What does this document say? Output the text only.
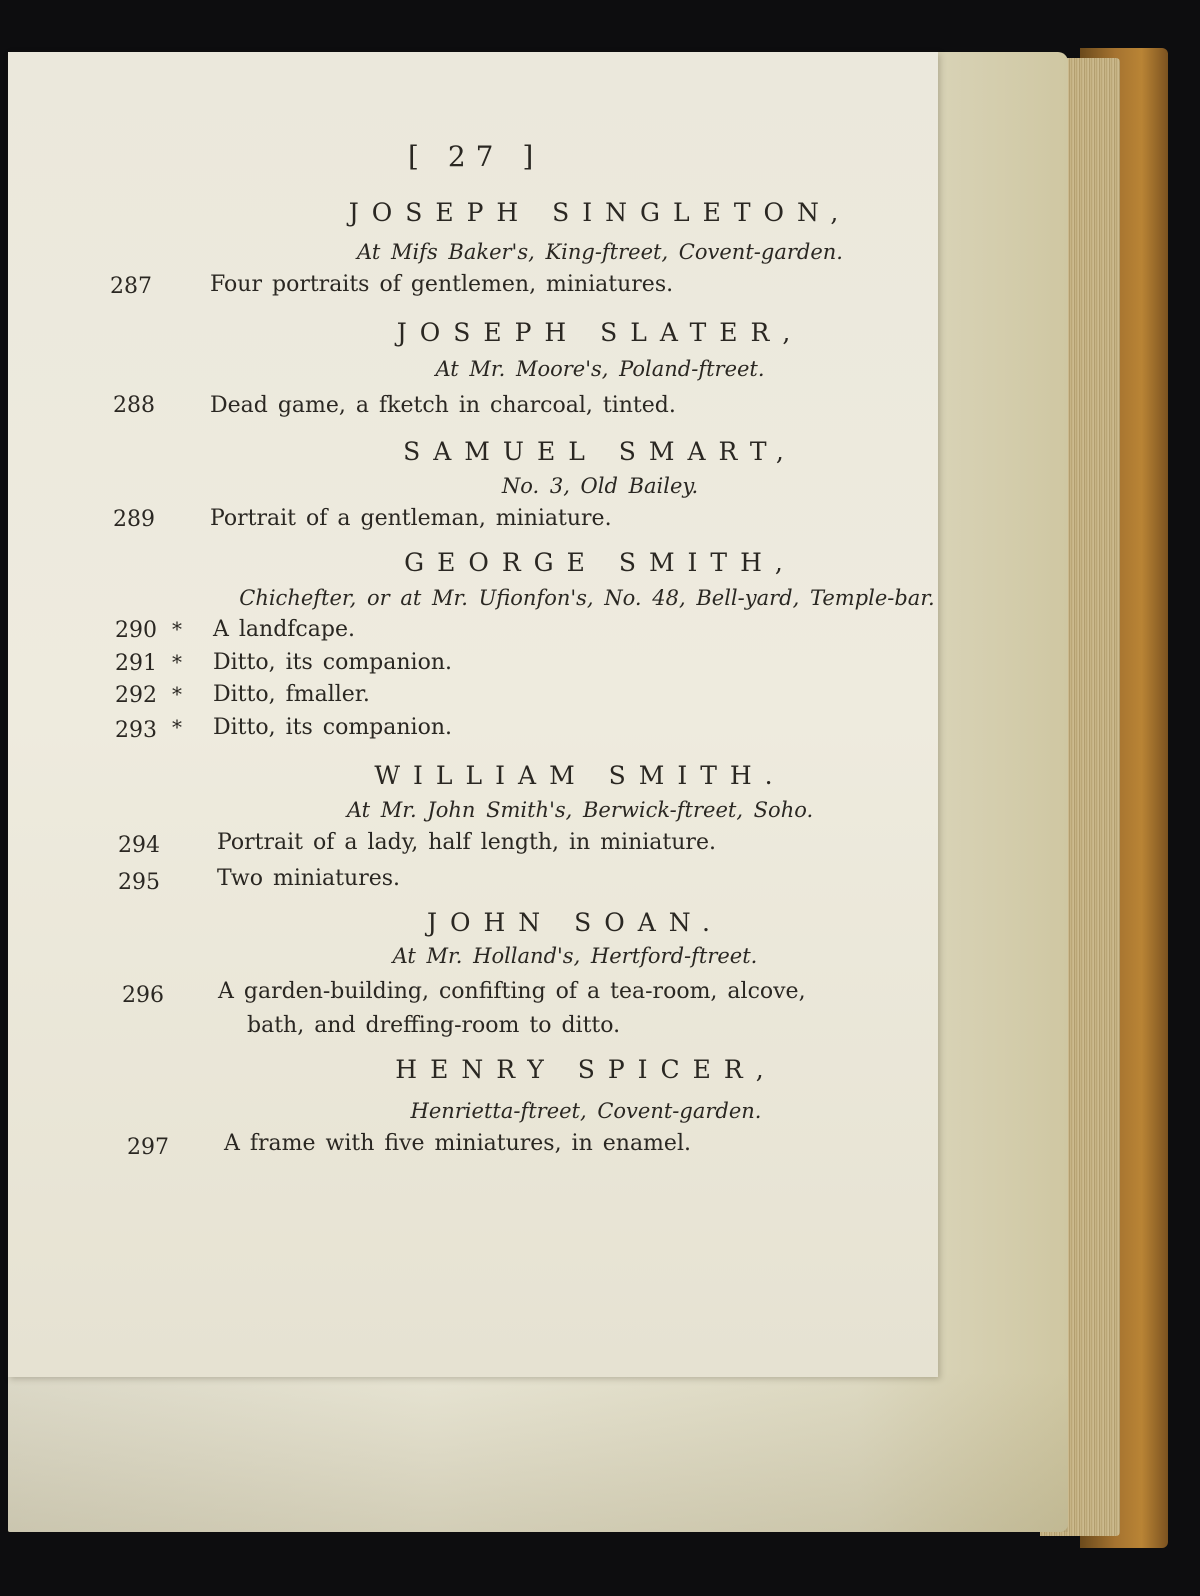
[ 27 ]
JOSEPH SINGLETON,
At Mifs Baker's, King-ftreet, Covent-garden.
287	Four portraits of gentlemen, miniatures.
JOSEPH SLATER,
At Mr. Moore's, Poland-ftreet.
288	Dead game, a fketch in charcoal, tinted.
SAMUEL SMART,
No. 3, Old Bailey.
289	Portrait of a gentleman, miniature.
GEORGE SMITH,
Chichefter, or at Mr. Ufionfon's, No. 48, Bell-yard, Temple-bar.
290 * A landfcape.
291 * Ditto, its companion.
292 * Ditto, fmaller.
293 * Ditto, its companion.
WILLIAM SMITH.
At Mr. John Smith's, Berwick-ftreet, Soho.
294	Portrait of a lady, half length, in miniature.
295	Two miniatures.
JOHN SOAN.
At Mr. Holland's, Hertford-ftreet.
296 A garden-building, confifting of a tea-room, alcove,
bath, and dreffing-room to ditto.
HENRY SPICER,
Henrietta-ftreet, Covent-garden.
297	A frame with five miniatures, in enamel.
